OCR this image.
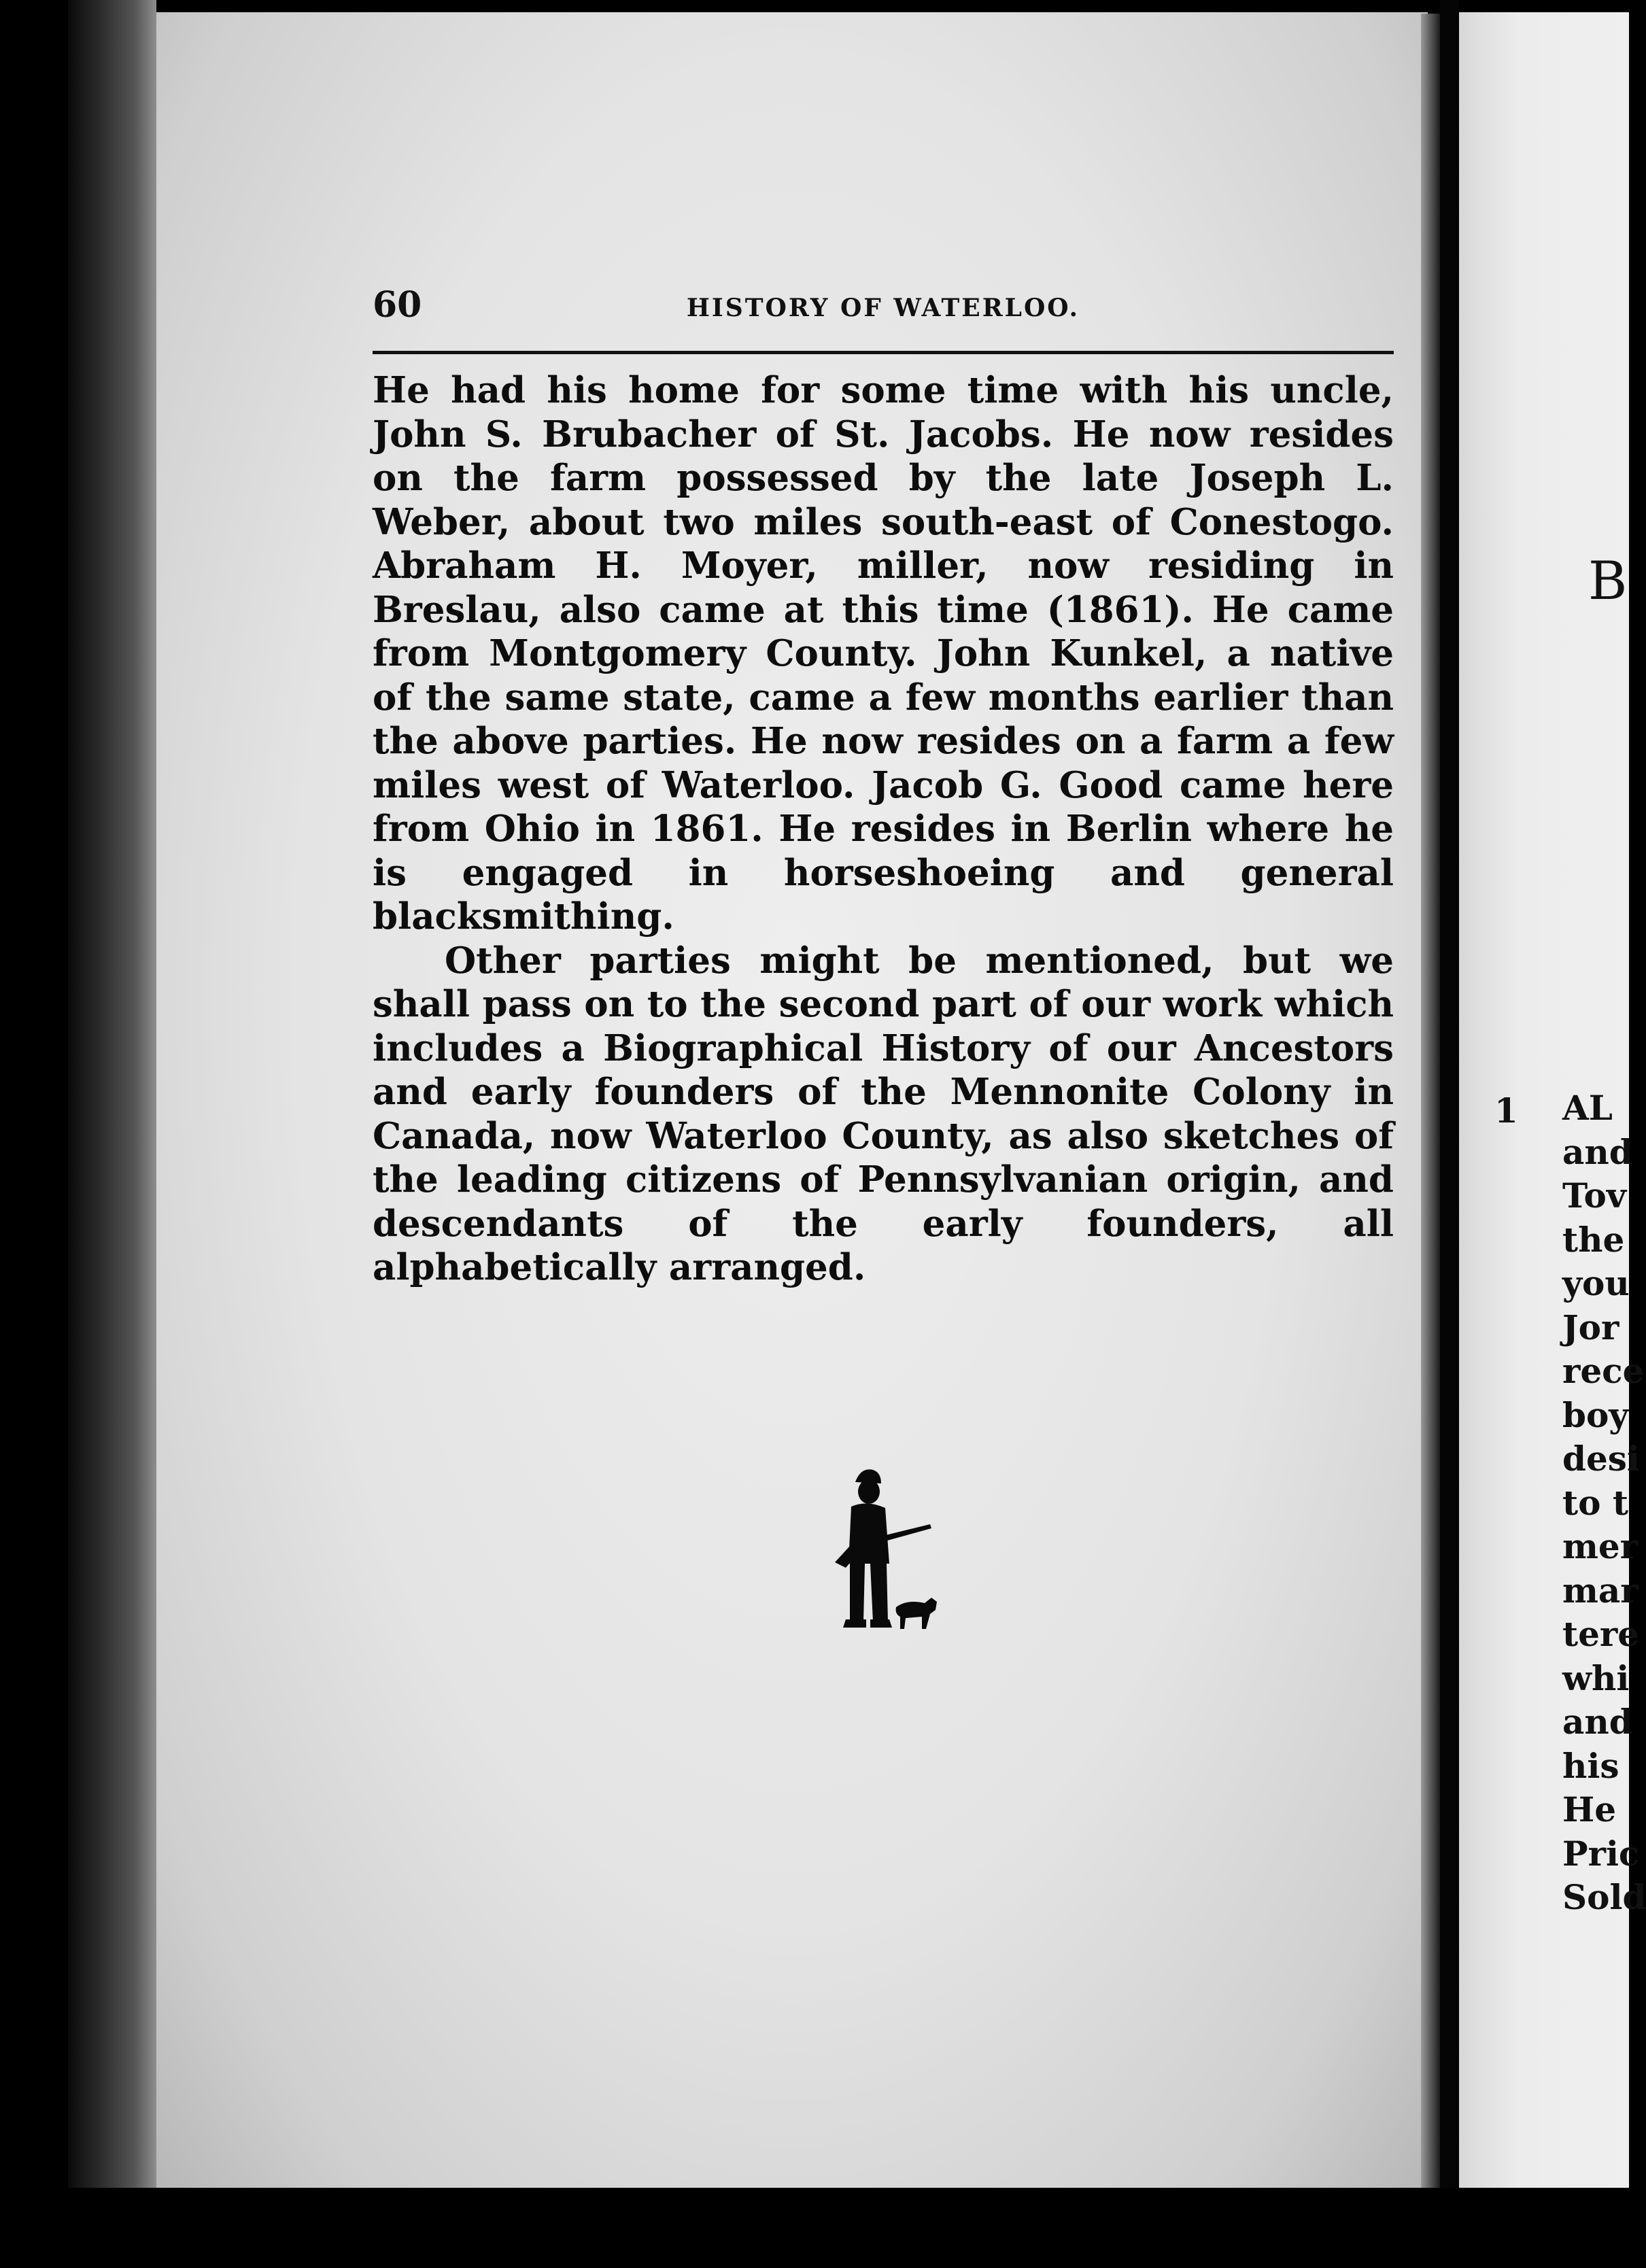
60	HISTORY OF WATERLOO.

He had his home for some time with his uncle, John S. Brubacher of St. Jacobs. He now resides on the farm possessed by the late Joseph L. Weber, about two miles south-east of Conestogo. Abraham H. Moyer, miller, now residing in Breslau, also came at this time (1861). He came from Montgomery County. John Kunkel, a native of the same state, came a few months earlier than the above parties. He now resides on a farm a few miles west of Waterloo. Jacob G. Good came here from Ohio in 1861. He resides in Berlin where he is engaged in horseshoeing and general blacksmithing.

Other parties might be mentioned, but we shall pass on to the second part of our work which includes a Biographical History of our Ancestors and early founders of the Mennonite Colony in Canada, now Waterloo County, as also sketches of the leading citizens of Pennsylvanian origin, and descendants of the early founders, all alphabetically arranged.

B
1 AL
and
Tov
the
you
Jor
rece
boy
desi
to t
mer
mar
tere
whi
and
his
He
Pric
Sold
